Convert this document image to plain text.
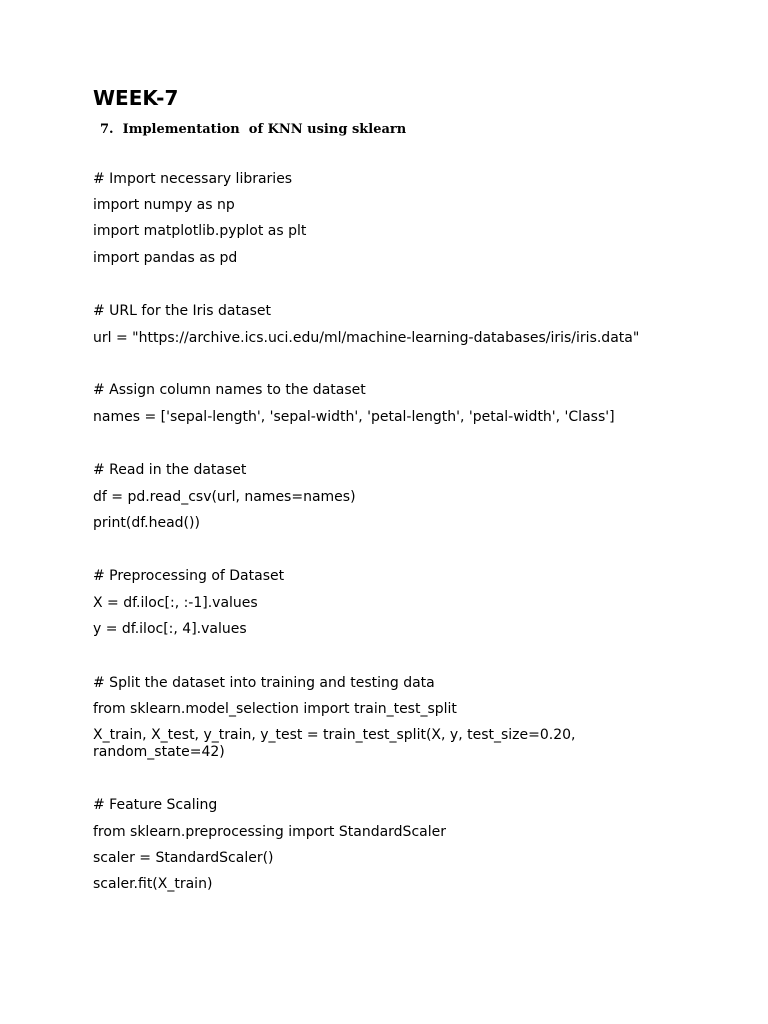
WEEK-7
7.  Implementation  of KNN using sklearn
# Import necessary libraries
import numpy as np
import matplotlib.pyplot as plt
import pandas as pd
# URL for the Iris dataset
url = "https://archive.ics.uci.edu/ml/machine-learning-databases/iris/iris.data"
# Assign column names to the dataset
names = ['sepal-length', 'sepal-width', 'petal-length', 'petal-width', 'Class']
# Read in the dataset
df = pd.read_csv(url, names=names)
print(df.head())
# Preprocessing of Dataset
X = df.iloc[:, :-1].values
y = df.iloc[:, 4].values
# Split the dataset into training and testing data
from sklearn.model_selection import train_test_split
X_train, X_test, y_train, y_test = train_test_split(X, y, test_size=0.20, random_state=42)
# Feature Scaling
from sklearn.preprocessing import StandardScaler
scaler = StandardScaler()
scaler.fit(X_train)
